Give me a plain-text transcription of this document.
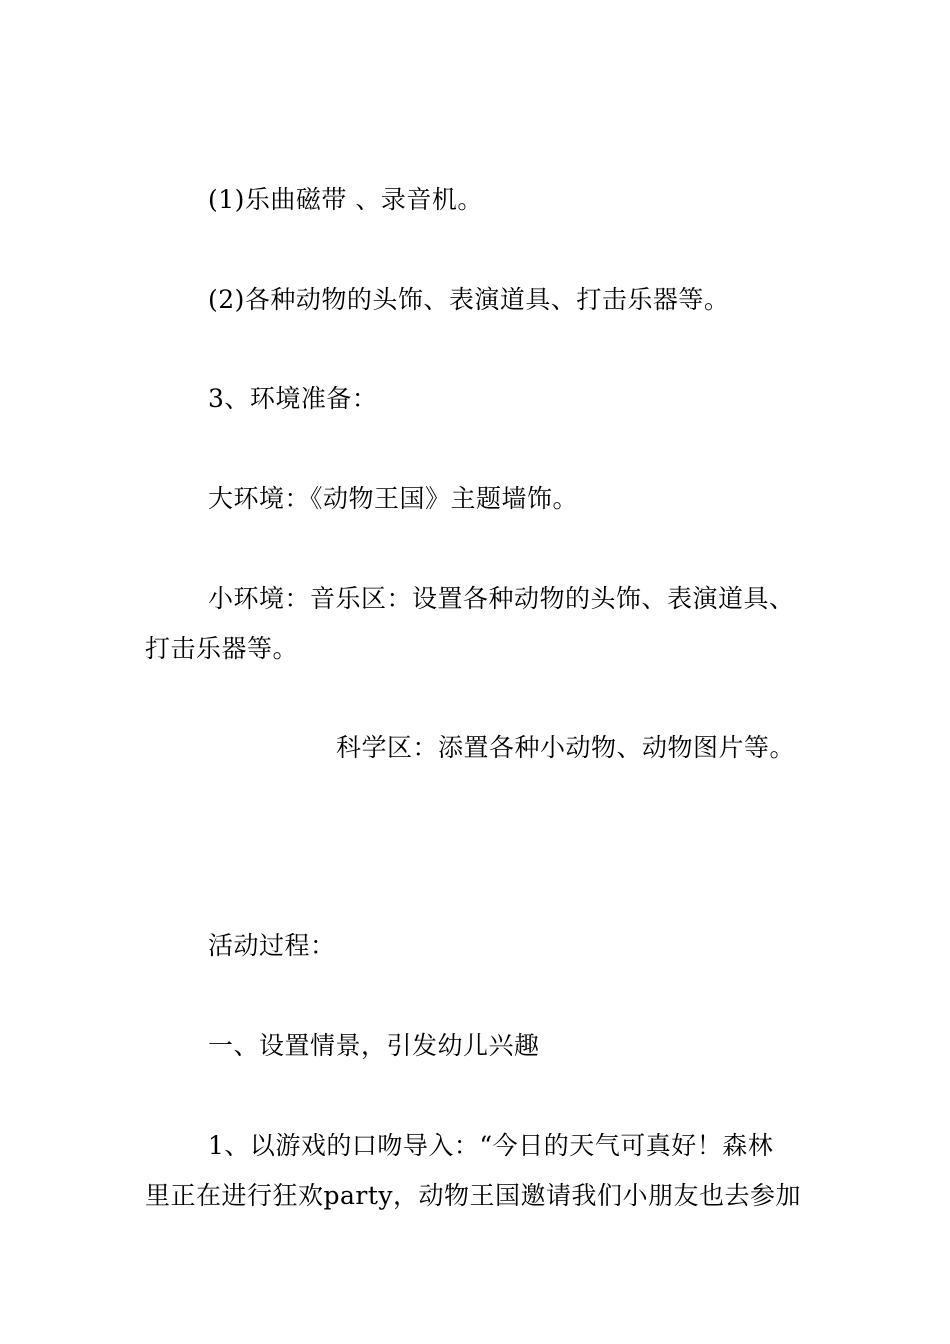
(1)乐曲磁带 、录音机。
(2)各种动物的头饰、表演道具、打击乐器等。
3、环境准备：
大环境：《动物王国》主题墙饰。
小环境：音乐区：设置各种动物的头饰、表演道具、
打击乐器等。
科学区：添置各种小动物、动物图片等。
活动过程：
一、设置情景，引发幼儿兴趣
1、以游戏的口吻导入：“今日的天气可真好！森林
里正在进行狂欢party，动物王国邀请我们小朋友也去参加
